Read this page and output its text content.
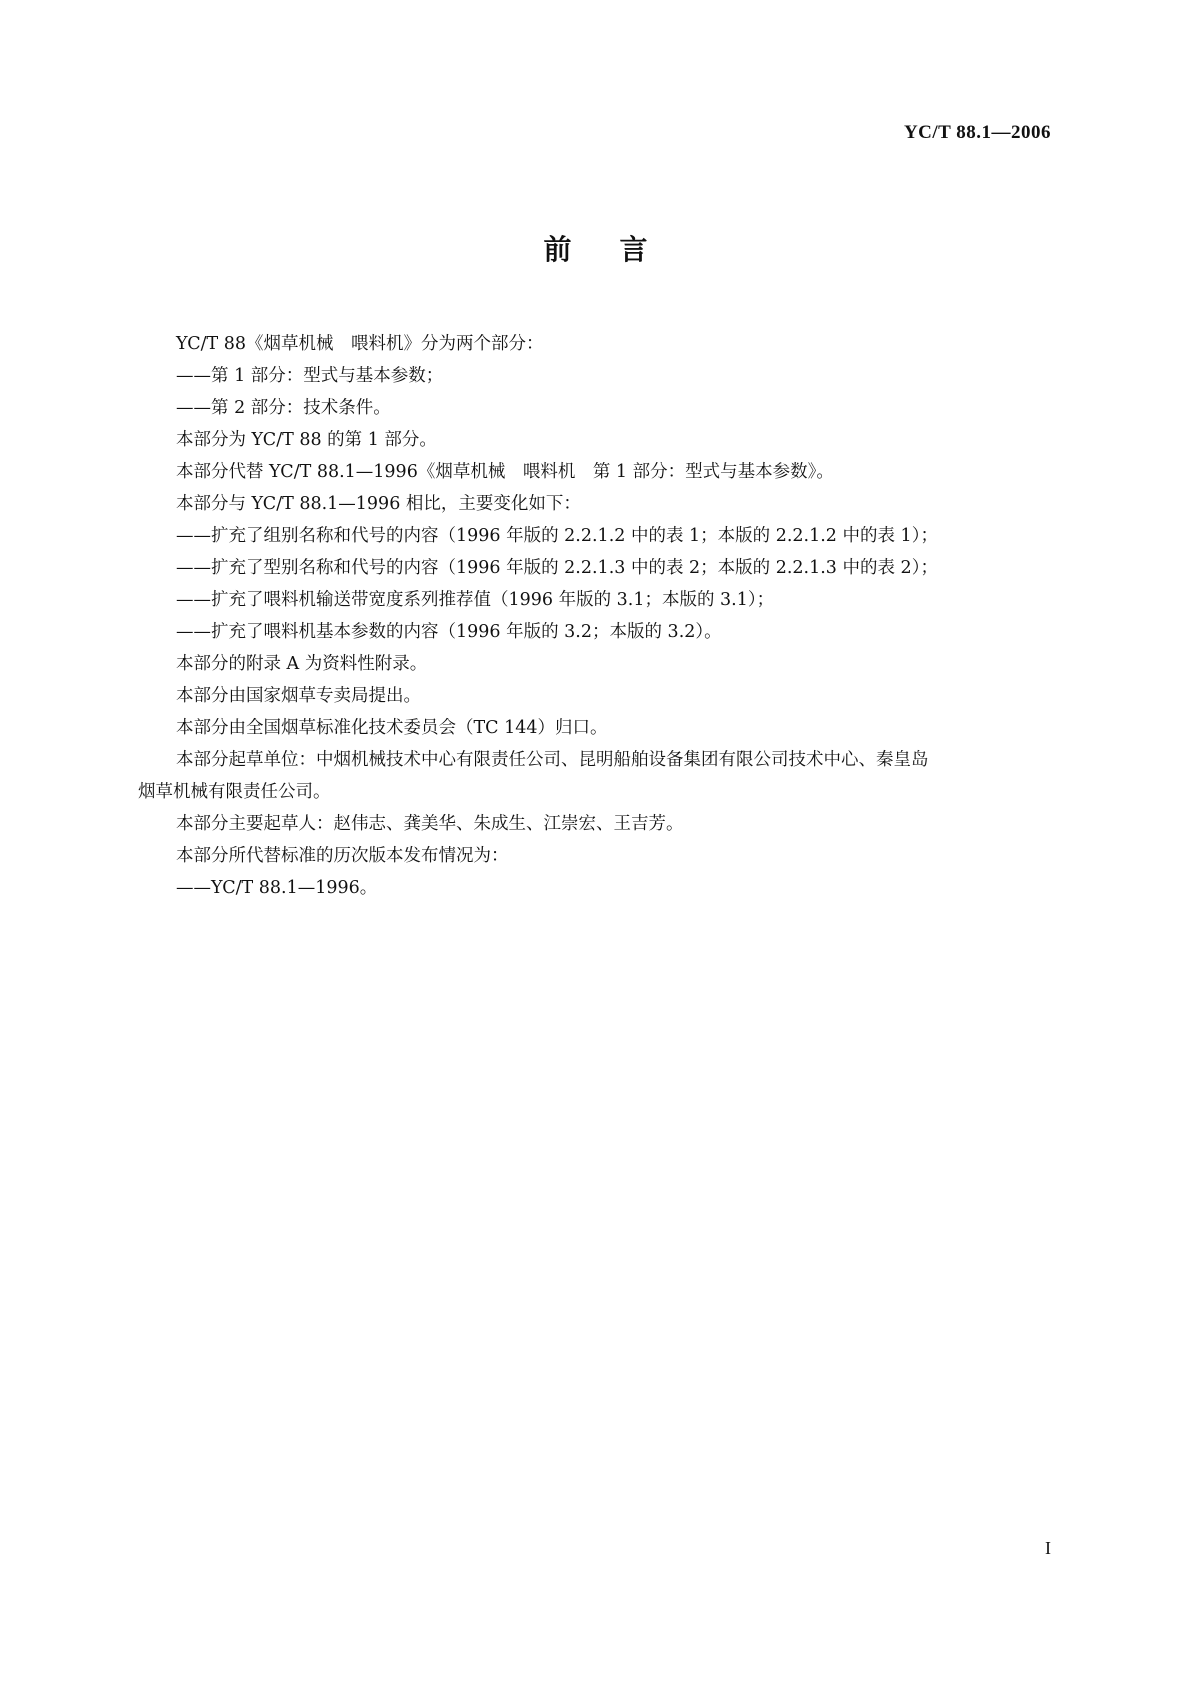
YC/T 88.1—2006
前言

YC/T 88《烟草机械　喂料机》分为两个部分：

——第 1 部分：型式与基本参数；

——第 2 部分：技术条件。

本部分为 YC/T 88 的第 1 部分。

本部分代替 YC/T 88.1—1996《烟草机械　喂料机　第 1 部分：型式与基本参数》。

本部分与 YC/T 88.1—1996 相比，主要变化如下：

——扩充了组别名称和代号的内容（1996 年版的 2.2.1.2 中的表 1；本版的 2.2.1.2 中的表 1）；

——扩充了型别名称和代号的内容（1996 年版的 2.2.1.3 中的表 2；本版的 2.2.1.3 中的表 2）；

——扩充了喂料机输送带宽度系列推荐值（1996 年版的 3.1；本版的 3.1）；

——扩充了喂料机基本参数的内容（1996 年版的 3.2；本版的 3.2）。

本部分的附录 A 为资料性附录。

本部分由国家烟草专卖局提出。

本部分由全国烟草标准化技术委员会（TC 144）归口。

本部分起草单位：中烟机械技术中心有限责任公司、昆明船舶设备集团有限公司技术中心、秦皇岛

烟草机械有限责任公司。

本部分主要起草人：赵伟志、龚美华、朱成生、江崇宏、王吉芳。

本部分所代替标准的历次版本发布情况为：

——YC/T 88.1—1996。

I
